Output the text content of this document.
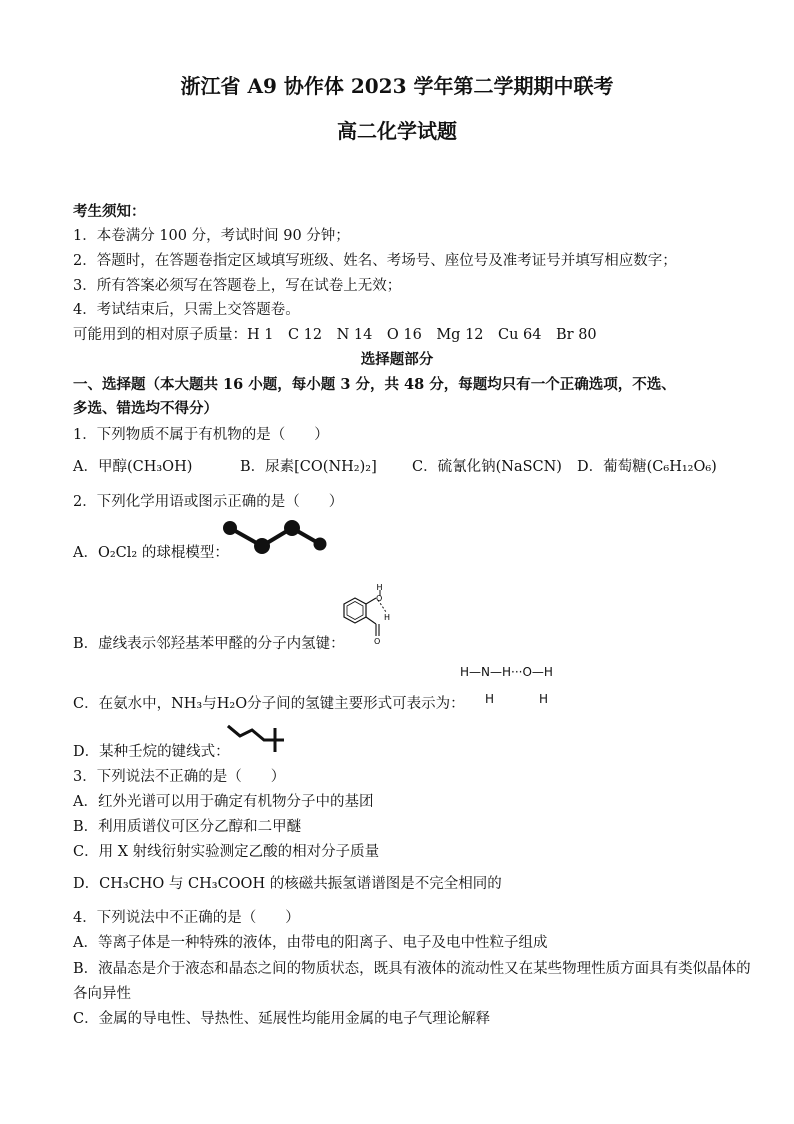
浙江省 A9 协作体 2023 学年第二学期期中联考
高二化学试题
考生须知：
1．本卷满分 100 分，考试时间 90 分钟；
2．答题时，在答题卷指定区域填写班级、姓名、考场号、座位号及准考证号并填写相应数字；
3．所有答案必须写在答题卷上，写在试卷上无效；
4．考试结束后，只需上交答题卷。
可能用到的相对原子质量：H 1　C 12　N 14　O 16　Mg 12　Cu 64　Br 80
选择题部分
一、选择题（本大题共 16 小题，每小题 3 分，共 48 分，每题均只有一个正确选项，不选、
多选、错选均不得分）
1．下列物质不属于有机物的是（　　）
A．甲醇(CH₃OH)	B．尿素[CO(NH₂)₂] C．硫氰化钠(NaSCN) D．葡萄糖(C₆H₁₂O₆)
2．下列化学用语或图示正确的是（　　）
A．O₂Cl₂ 的球棍模型：
H
O
H
O
B．虚线表示邻羟基苯甲醛的分子内氢键：
H—N—H···O—H
H	H
C．在氨水中，NH₃与H₂O分子间的氢键主要形式可表示为：
D．某种壬烷的键线式：
3．下列说法不正确的是（　　）
A．红外光谱可以用于确定有机物分子中的基团
B．利用质谱仪可区分乙醇和二甲醚
C．用 X 射线衍射实验测定乙酸的相对分子质量
D．CH₃CHO 与 CH₃COOH 的核磁共振氢谱谱图是不完全相同的
4．下列说法中不正确的是（　　）
A．等离子体是一种特殊的液体，由带电的阳离子、电子及电中性粒子组成
B．液晶态是介于液态和晶态之间的物质状态，既具有液体的流动性又在某些物理性质方面具有类似晶体的
各向异性
C．金属的导电性、导热性、延展性均能用金属的电子气理论解释
